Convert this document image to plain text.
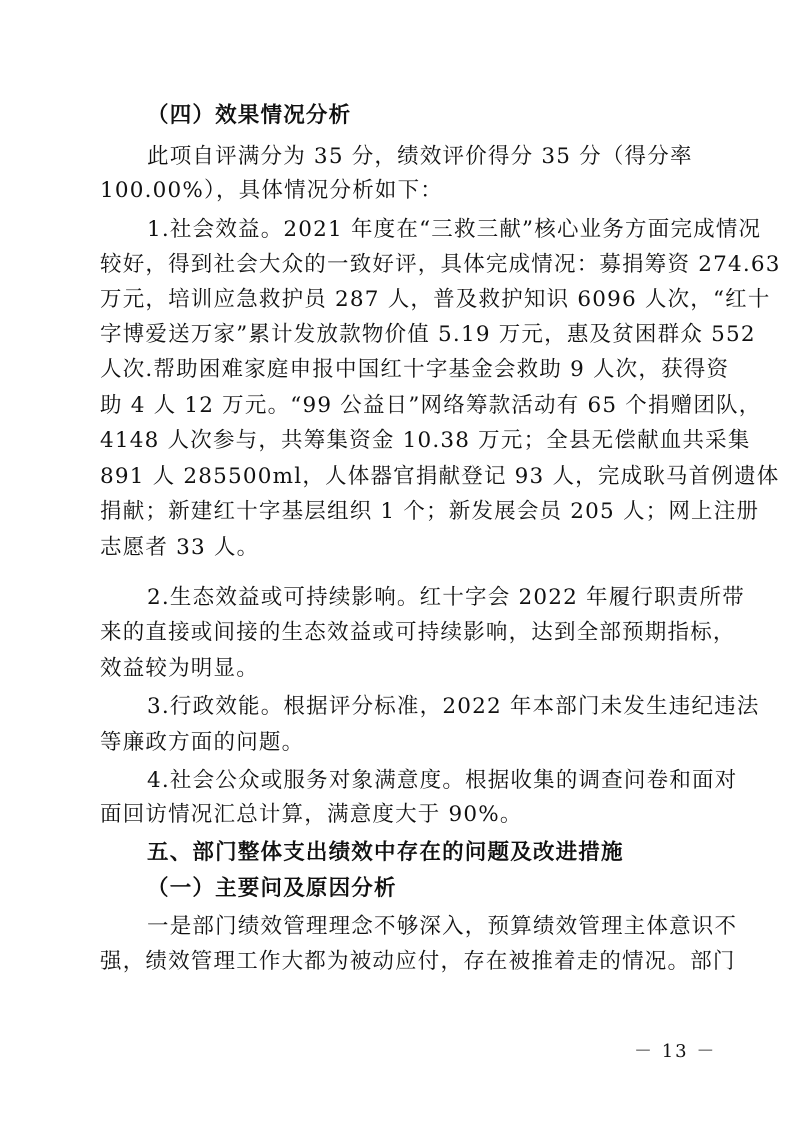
（四）效果情况分析
此项自评满分为 35 分，绩效评价得分 35 分（得分率
100.00%），具体情况分析如下：
1.社会效益。2021 年度在“三救三献”核心业务方面完成情况
较好，得到社会大众的一致好评，具体完成情况：募捐筹资 274.63
万元，培训应急救护员 287 人，普及救护知识 6096 人次，“红十
字博爱送万家”累计发放款物价值 5.19 万元，惠及贫困群众 552
人次.帮助困难家庭申报中国红十字基金会救助 9 人次，获得资
助 4 人 12 万元。“99 公益日”网络筹款活动有 65 个捐赠团队，
4148 人次参与，共筹集资金 10.38 万元；全县无偿献血共采集
891 人 285500ml，人体器官捐献登记 93 人，完成耿马首例遗体
捐献；新建红十字基层组织 1 个；新发展会员 205 人；网上注册
志愿者 33 人。
2.生态效益或可持续影响。红十字会 2022 年履行职责所带
来的直接或间接的生态效益或可持续影响，达到全部预期指标，
效益较为明显。
3.行政效能。根据评分标准，2022 年本部门未发生违纪违法
等廉政方面的问题。
4.社会公众或服务对象满意度。根据收集的调查问卷和面对
面回访情况汇总计算，满意度大于 90%。
五、部门整体支出绩效中存在的问题及改进措施
（一）主要问及原因分析
一是部门绩效管理理念不够深入，预算绩效管理主体意识不
强，绩效管理工作大都为被动应付，存在被推着走的情况。部门
－ 13 －
